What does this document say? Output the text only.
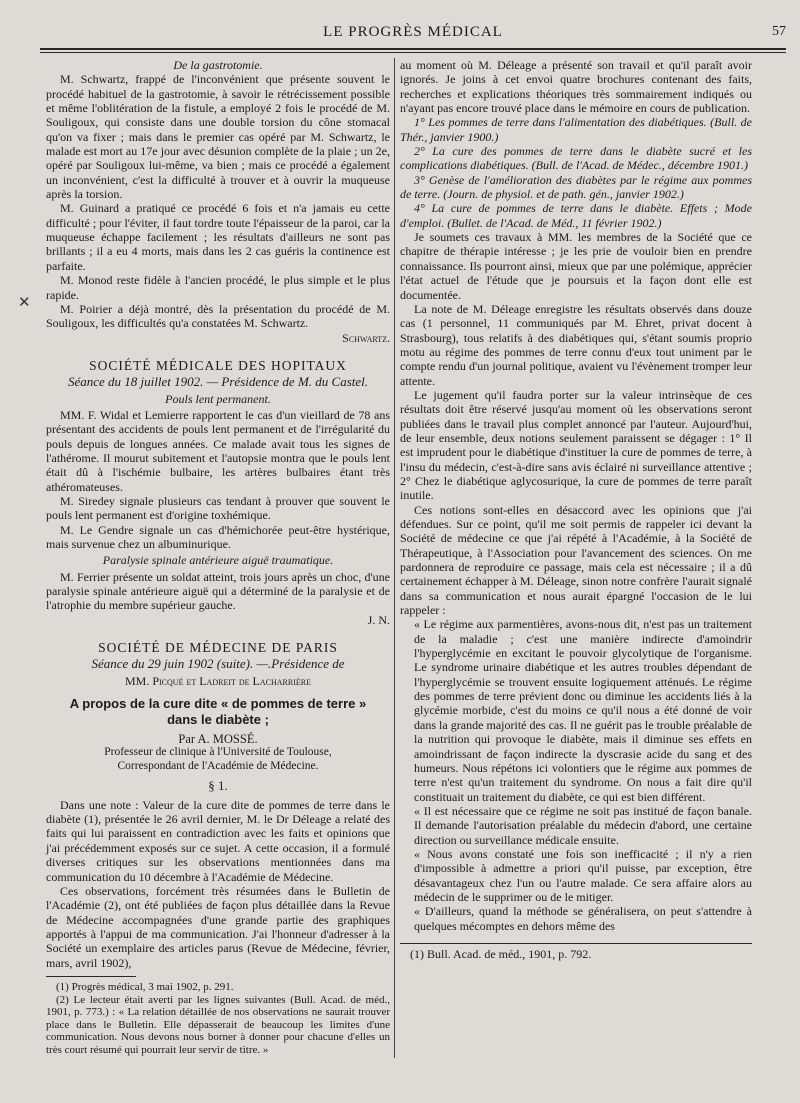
LE PROGRÈS MÉDICAL	57
✕

De la gastrotomie.

M. Schwartz, frappé de l'inconvénient que présente souvent le procédé habituel de la gastrotomie, à savoir le rétrécissement possible et même l'oblitération de la fistule, a employé 2 fois le procédé de M. Souligoux, qui consiste dans une double torsion du cône stomacal qu'on va fixer ; mais dans le premier cas opéré par M. Schwartz, le malade est mort au 17e jour avec désunion complète de la plaie ; un 2e, opéré par Souligoux lui-même, va bien ; mais ce procédé a également un inconvénient, c'est la difficulté à trouver et à ouvrir la muqueuse après la torsion.

M. Guinard a pratiqué ce procédé 6 fois et n'a jamais eu cette difficulté ; pour l'éviter, il faut tordre toute l'épaisseur de la paroi, car la muqueuse échappe facilement ; les résultats d'ailleurs ne sont pas brillants ; il a eu 4 morts, mais dans les 2 cas guéris la continence est parfaite.

M. Monod reste fidèle à l'ancien procédé, le plus simple et le plus rapide.

M. Poirier a déjà montré, dès la présentation du procédé de M. Souligoux, les difficultés qu'a constatées M. Schwartz.

Schwartz.

SOCIÉTÉ MÉDICALE DES HOPITAUX

Séance du 18 juillet 1902. — Présidence de M. du Castel.

Pouls lent permanent.

MM. F. Widal et Lemierre rapportent le cas d'un vieillard de 78 ans présentant des accidents de pouls lent permanent et de l'irrégularité du pouls depuis de longues années. Ce malade avait tous les signes de l'athérome. Il mourut subitement et l'autopsie montra que le pouls lent était dû à l'ischémie bulbaire, les artères bulbaires étant très athéromateuses.

M. Siredey signale plusieurs cas tendant à prouver que souvent le pouls lent permanent est d'origine toxhémique.

M. Le Gendre signale un cas d'hémichorée peut-être hystérique, mais survenue chez un albuminurique.

Paralysie spinale antérieure aiguë traumatique.

M. Ferrier présente un soldat atteint, trois jours après un choc, d'une paralysie spinale antérieure aiguë qui a déterminé de la paralysie et de l'atrophie du membre supérieur gauche.

J. N.

SOCIÉTÉ DE MÉDECINE DE PARIS

Séance du 29 juin 1902 (suite). —.Présidence de

MM. Picqué et Ladreit de Lacharrière

A propos de la cure dite « de pommes de terre »

dans le diabète ;

Par A. MOSSÉ.

Professeur de clinique à l'Université de Toulouse,

Correspondant de l'Académie de Médecine.

§ 1.

Dans une note : Valeur de la cure dite de pommes de terre dans le diabète (1), présentée le 26 avril dernier, M. le Dr Déleage a relaté des faits qui lui paraissent en contradiction avec les faits et opinions que j'ai précédemment exposés sur ce sujet. A cette occasion, il a formulé diverses critiques sur les observations mentionnées dans ma communication du 10 décembre à l'Académie de Médecine.

Ces observations, forcément très résumées dans le Bulletin de l'Académie (2), ont été publiées de façon plus détaillée dans la Revue de Médecine accompagnées d'une grande partie des graphiques apportés à l'appui de ma communication. J'ai l'honneur d'adresser à la Société un exemplaire des articles parus (Revue de Médecine, février, mars, avril 1902),

(1) Progrès médical, 3 mai 1902, p. 291.

(2) Le lecteur était averti par les lignes suivantes (Bull. Acad. de méd., 1901, p. 773.) : « La relation détaillée de nos observations ne saurait trouver place dans le Bulletin. Elle dépasserait de beaucoup les limites d'une communication. Nous devons nous borner à donner pour chacune d'elles un très court résumé qui pourrait leur servir de titre. »

au moment où M. Déleage a présenté son travail et qu'il paraît avoir ignorés. Je joins à cet envoi quatre brochures contenant des faits, recherches et explications théoriques très sommairement indiqués ou n'ayant pas encore trouvé place dans le mémoire en cours de publication.

1° Les pommes de terre dans l'alimentation des diabétiques. (Bull. de Thér., janvier 1900.)

2° La cure des pommes de terre dans le diabète sucré et les complications diabétiques. (Bull. de l'Acad. de Médec., décembre 1901.)

3° Genèse de l'amélioration des diabètes par le régime aux pommes de terre. (Journ. de physiol. et de path. gén., janvier 1902.)

4° La cure de pommes de terre dans le diabète. Effets ; Mode d'emploi. (Bullet. de l'Acad. de Méd., 11 février 1902.)

Je soumets ces travaux à MM. les membres de la Société que ce chapitre de thérapie intéresse ; je les prie de vouloir bien en prendre connaissance. Ils pourront ainsi, mieux que par une polémique, apprécier l'état actuel de l'étude que je poursuis et la façon dont elle est documentée.

La note de M. Déleage enregistre les résultats observés dans douze cas (1 personnel, 11 communiqués par M. Ehret, privat docent à Strasbourg), tous relatifs à des diabétiques qui, s'étant soumis proprio motu au régime des pommes de terre connu d'eux tout uniment par le compte rendu d'un journal politique, avaient vu l'évènement tromper leur attente.

Le jugement qu'il faudra porter sur la valeur intrinsèque de ces résultats doit être réservé jusqu'au moment où les observations seront publiées dans le travail plus complet annoncé par l'auteur. Aujourd'hui, de leur ensemble, deux notions seulement paraissent se dégager : 1° Il est imprudent pour le diabétique d'instituer la cure de pommes de terre, à l'insu du médecin, c'est-à-dire sans avis éclairé ni surveillance attentive ; 2° Chez le diabétique aglycosurique, la cure de pommes de terre paraît inutile.

Ces notions sont-elles en désaccord avec les opinions que j'ai défendues. Sur ce point, qu'il me soit permis de rappeler ici devant la Société de médecine ce que j'ai répété à l'Académie, à la Société de Thérapeutique, à l'Association pour l'avancement des sciences. On me pardonnera de reproduire ce passage, mais cela est nécessaire ; il a dû certainement échapper à M. Déleage, sinon notre confrère l'aurait signalé dans sa communication et nous aurait épargné l'occasion de le lui rappeler :

« Le régime aux parmentières, avons-nous dit, n'est pas un traitement de la maladie ; c'est une manière indirecte d'amoindrir l'hyperglycémie en excitant le pouvoir glycolytique de l'organisme. Le syndrome urinaire diabétique et les autres troubles dépendant de l'hyperglycémie se trouvent ensuite logiquement atténués. Le régime des pommes de terre prévient donc ou diminue les accidents liés à la glycémie morbide, c'est du moins ce qu'il nous a été donné de voir dans la grande majorité des cas. Il ne guérit pas le trouble préalable de la nutrition qui provoque le diabète, mais il diminue ses effets en amoindrissant de façon indirecte la dyscrasie acide du sang et des humeurs. Nous répétons ici volontiers que le régime aux pommes de terre n'est qu'un traitement du syndrome. On nous a fait dire qu'il constituait un traitement du diabète, ce qui est bien différent.

« Il est nécessaire que ce régime ne soit pas institué de façon banale. Il demande l'autorisation préalable du médecin d'abord, une certaine direction ou surveillance médicale ensuite.

« Nous avons constaté une fois son inefficacité ; il n'y a rien d'impossible à admettre a priori qu'il puisse, par exception, être désavantageux chez l'un ou l'autre malade. Ce sera affaire alors au médecin de le supprimer ou de le mitiger.

« D'ailleurs, quand la méthode se généralisera, on peut s'attendre à quelques mécomptes en dehors même des

(1) Bull. Acad. de méd., 1901, p. 792.
